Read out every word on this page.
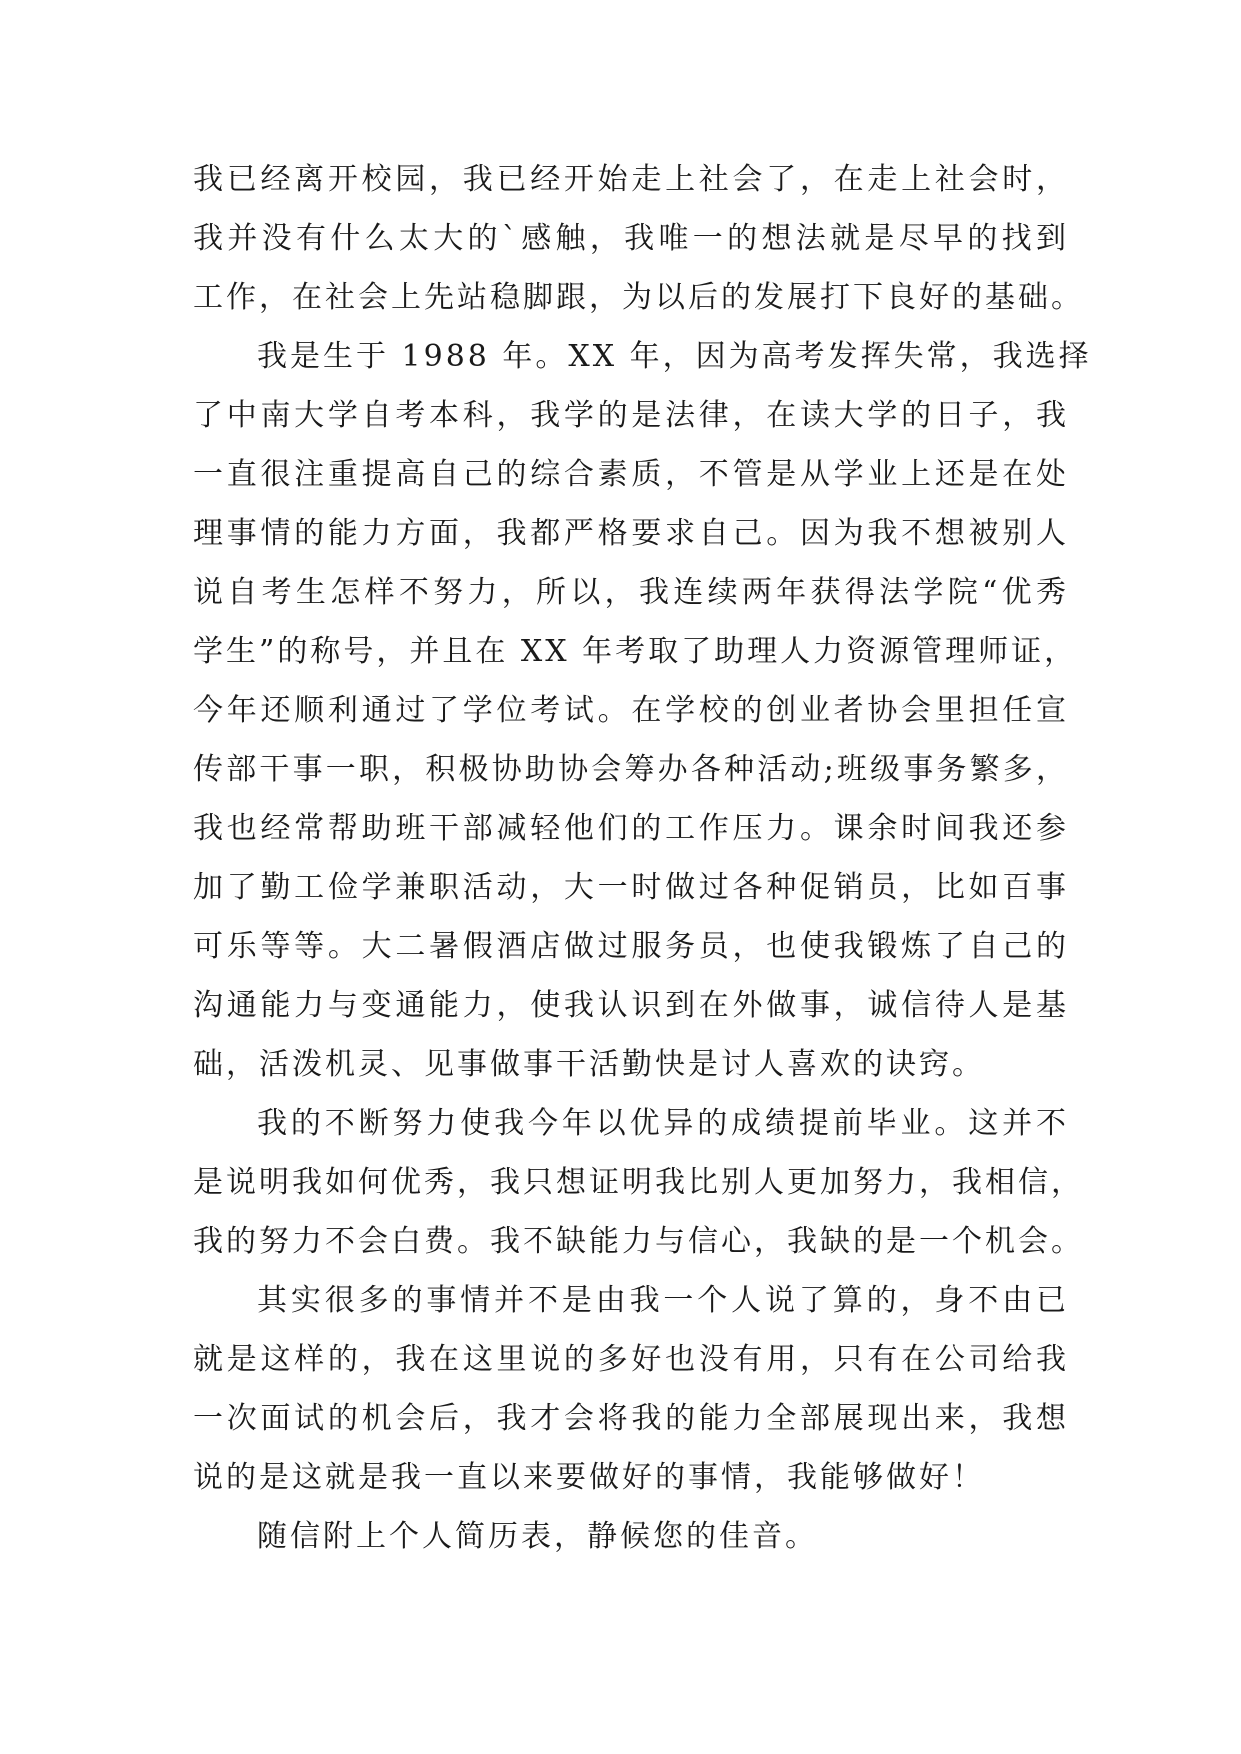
我已经离开校园，我已经开始走上社会了，在走上社会时，
我并没有什么太大的`感触，我唯一的想法就是尽早的找到
工作，在社会上先站稳脚跟，为以后的发展打下良好的基础。
我是生于 1988 年。XX 年，因为高考发挥失常，我选择
了中南大学自考本科，我学的是法律，在读大学的日子，我
一直很注重提高自己的综合素质，不管是从学业上还是在处
理事情的能力方面，我都严格要求自己。因为我不想被别人
说自考生怎样不努力，所以，我连续两年获得法学院“优秀
学生”的称号，并且在 XX 年考取了助理人力资源管理师证，
今年还顺利通过了学位考试。在学校的创业者协会里担任宣
传部干事一职，积极协助协会筹办各种活动;班级事务繁多，
我也经常帮助班干部减轻他们的工作压力。课余时间我还参
加了勤工俭学兼职活动，大一时做过各种促销员，比如百事
可乐等等。大二暑假酒店做过服务员，也使我锻炼了自己的
沟通能力与变通能力，使我认识到在外做事，诚信待人是基
础，活泼机灵、见事做事干活勤快是讨人喜欢的诀窍。
我的不断努力使我今年以优异的成绩提前毕业。这并不
是说明我如何优秀，我只想证明我比别人更加努力，我相信，
我的努力不会白费。我不缺能力与信心，我缺的是一个机会。
其实很多的事情并不是由我一个人说了算的，身不由已
就是这样的，我在这里说的多好也没有用，只有在公司给我
一次面试的机会后，我才会将我的能力全部展现出来，我想
说的是这就是我一直以来要做好的事情，我能够做好！
随信附上个人简历表，静候您的佳音。
